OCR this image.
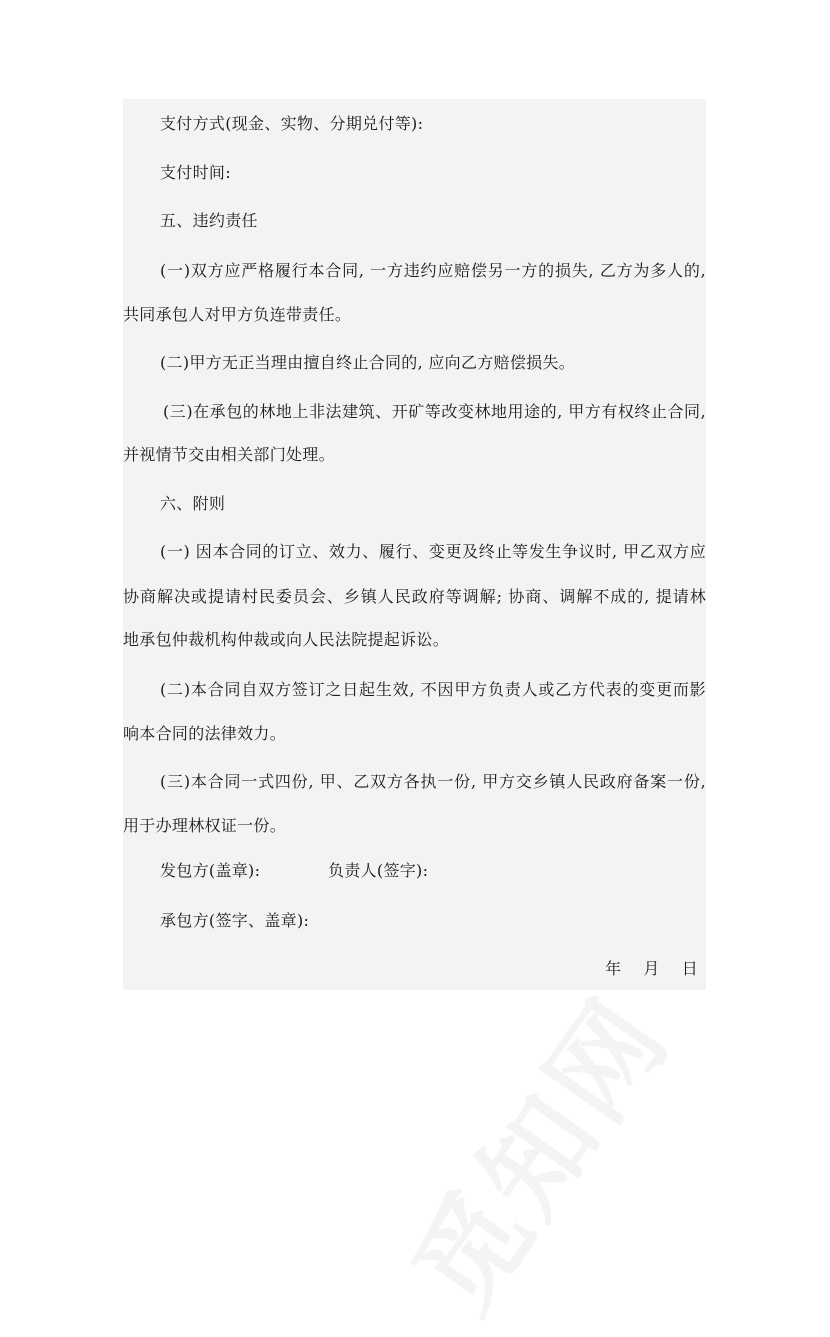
支付方式(现金、实物、分期兑付等):
支付时间:
五、违约责任
(一)双方应严格履行本合同, 一方违约应赔偿另一方的损失, 乙方为多人的,
共同承包人对甲方负连带责任。
(二)甲方无正当理由擅自终止合同的, 应向乙方赔偿损失。
(三)在承包的林地上非法建筑、开矿等改变林地用途的, 甲方有权终止合同,
并视情节交由相关部门处理。
六、附则
(一) 因本合同的订立、效力、履行、变更及终止等发生争议时, 甲乙双方应
协商解决或提请村民委员会、乡镇人民政府等调解; 协商、调解不成的, 提请林
地承包仲裁机构仲裁或向人民法院提起诉讼。
(二)本合同自双方签订之日起生效, 不因甲方负责人或乙方代表的变更而影
响本合同的法律效力。
(三)本合同一式四份, 甲、乙双方各执一份, 甲方交乡镇人民政府备案一份,
用于办理林权证一份。
发包方(盖章):	负责人(签字):
承包方(签字、盖章):
年 月 日
